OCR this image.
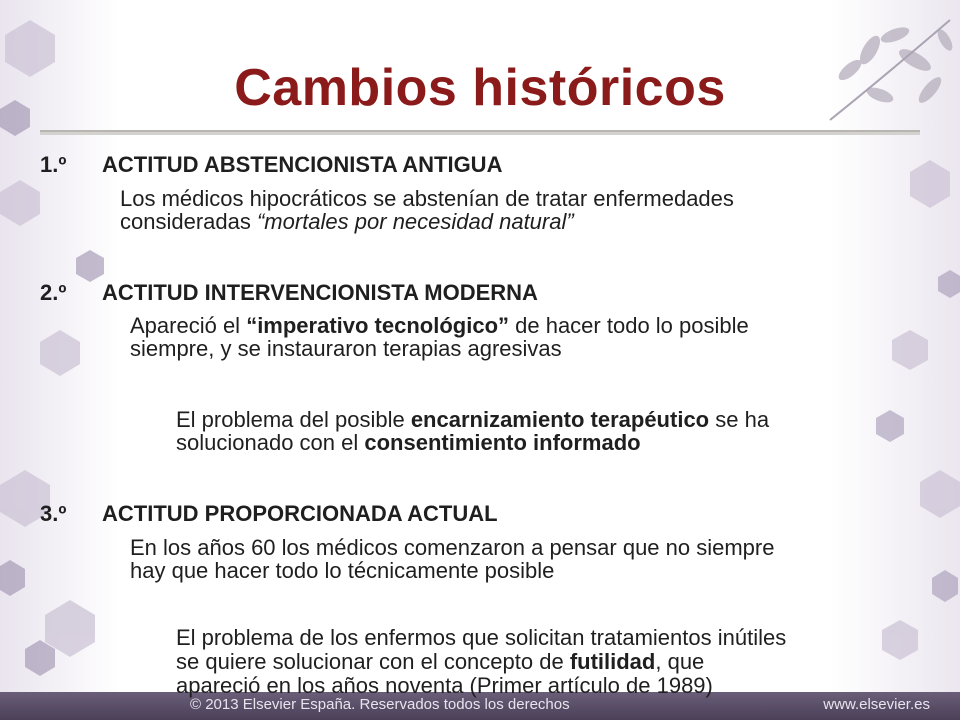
Cambios históricos
1.º ACTITUD ABSTENCIONISTA ANTIGUA
Los médicos hipocráticos se abstenían de tratar enfermedades
consideradas “mortales por necesidad natural”
2.º ACTITUD INTERVENCIONISTA MODERNA
Apareció el “imperativo tecnológico” de hacer todo lo posible
siempre, y se instauraron terapias agresivas
El problema del posible encarnizamiento terapéutico se ha
solucionado con el consentimiento informado
3.º ACTITUD PROPORCIONADA ACTUAL
En los años 60 los médicos comenzaron a pensar que no siempre
hay que hacer todo lo técnicamente posible
El problema de los enfermos que solicitan tratamientos inútiles
se quiere solucionar con el concepto de futilidad, que
apareció en los años noventa (Primer artículo de 1989)
© 2013 Elsevier España. Reservados todos los derechos	www.elsevier.es
